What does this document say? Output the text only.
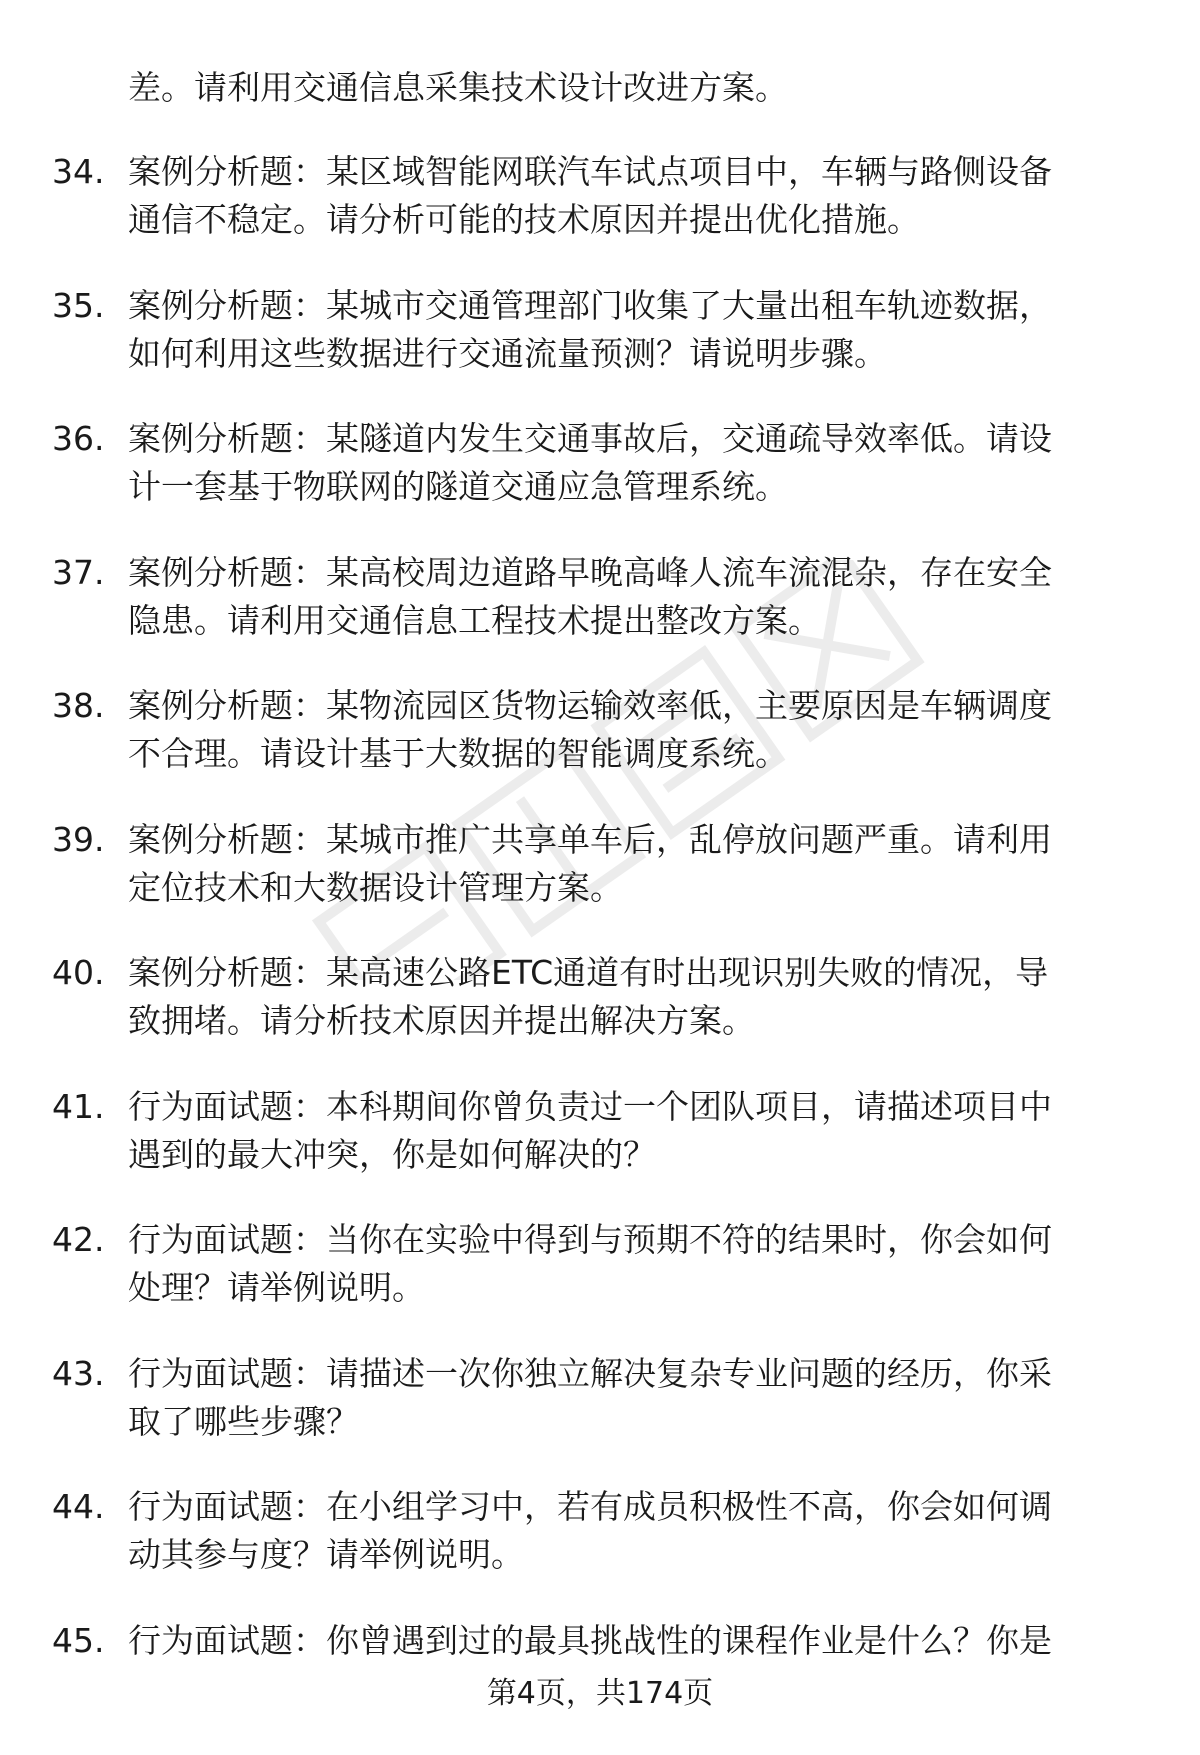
差。请利用交通信息采集技术设计改进方案。
34. 案例分析题：某区域智能网联汽车试点项目中，车辆与路侧设备
通信不稳定。请分析可能的技术原因并提出优化措施。
35. 案例分析题：某城市交通管理部门收集了大量出租车轨迹数据，
如何利用这些数据进行交通流量预测？请说明步骤。
36. 案例分析题：某隧道内发生交通事故后，交通疏导效率低。请设
计一套基于物联网的隧道交通应急管理系统。
37. 案例分析题：某高校周边道路早晚高峰人流车流混杂，存在安全
隐患。请利用交通信息工程技术提出整改方案。
38. 案例分析题：某物流园区货物运输效率低，主要原因是车辆调度
不合理。请设计基于大数据的智能调度系统。
39. 案例分析题：某城市推广共享单车后，乱停放问题严重。请利用
定位技术和大数据设计管理方案。
40. 案例分析题：某高速公路ETC通道有时出现识别失败的情况，导
致拥堵。请分析技术原因并提出解决方案。
41. 行为面试题：本科期间你曾负责过一个团队项目，请描述项目中
遇到的最大冲突，你是如何解决的？
42. 行为面试题：当你在实验中得到与预期不符的结果时，你会如何
处理？请举例说明。
43. 行为面试题：请描述一次你独立解决复杂专业问题的经历，你采
取了哪些步骤？
44. 行为面试题：在小组学习中，若有成员积极性不高，你会如何调
动其参与度？请举例说明。
45. 行为面试题：你曾遇到过的最具挑战性的课程作业是什么？你是
第4页，共174页
